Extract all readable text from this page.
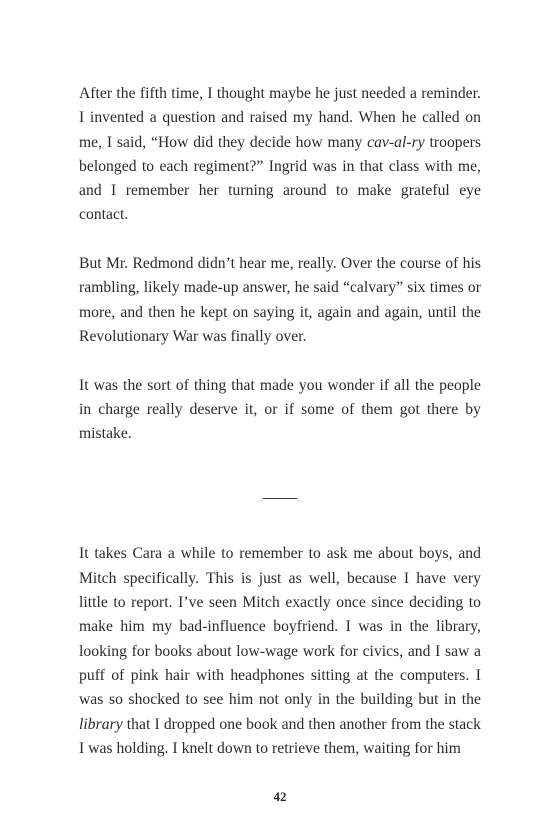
After the fifth time, I thought maybe he just needed a reminder. I invented a question and raised my hand. When he called on me, I said, “How did they decide how many cav-al-ry troopers belonged to each regiment?” Ingrid was in that class with me, and I remember her turning around to make grateful eye contact.

But Mr. Redmond didn’t hear me, really. Over the course of his rambling, likely made-up answer, he said “calvary” six times or more, and then he kept on saying it, again and again, until the Revolutionary War was finally over.

It was the sort of thing that made you wonder if all the people in charge really deserve it, or if some of them got there by mistake.

It takes Cara a while to remember to ask me about boys, and Mitch specifically. This is just as well, because I have very little to report. I’ve seen Mitch exactly once since deciding to make him my bad-influence boyfriend. I was in the library, looking for books about low-wage work for civics, and I saw a puff of pink hair with headphones sitting at the computers. I was so shocked to see him not only in the building but in the library that I dropped one book and then another from the stack I was holding. I knelt down to retrieve them, waiting for him

42
